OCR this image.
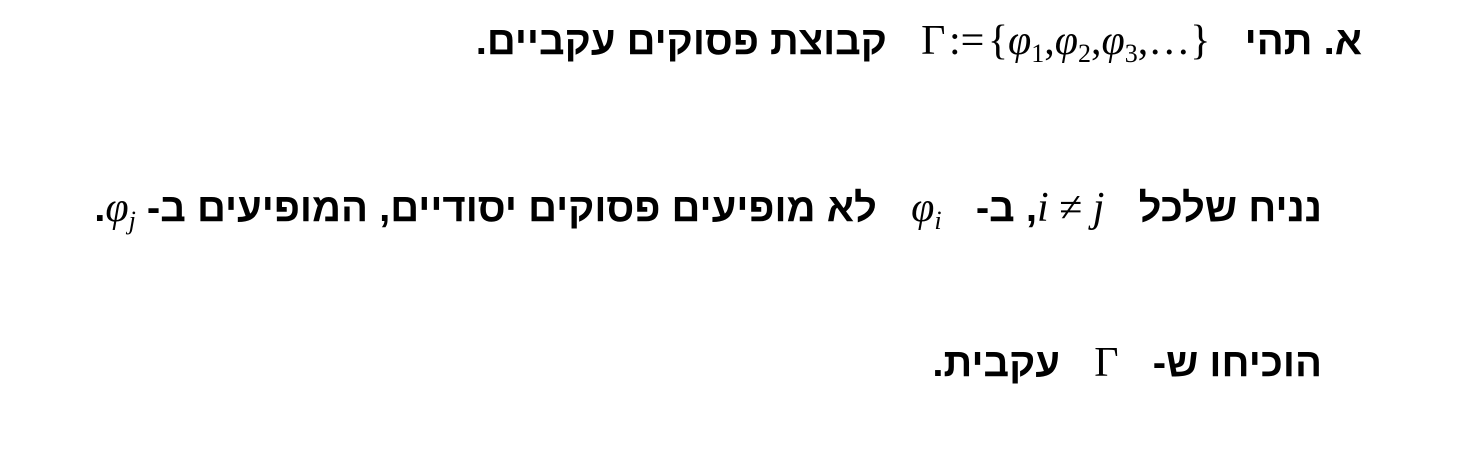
א. תהי  Γ := $\{\varphi_1,\varphi_2,\varphi_3,\dots\}$  קבוצת פסוקים עקביים.
נניח שלכל  i ≠ j, ב-  $\varphi_i$  לא מופיעים פסוקים יסודיים, המופיעים ב- $\varphi_j$.
הוכיחו ש-  Γ  עקבית.
